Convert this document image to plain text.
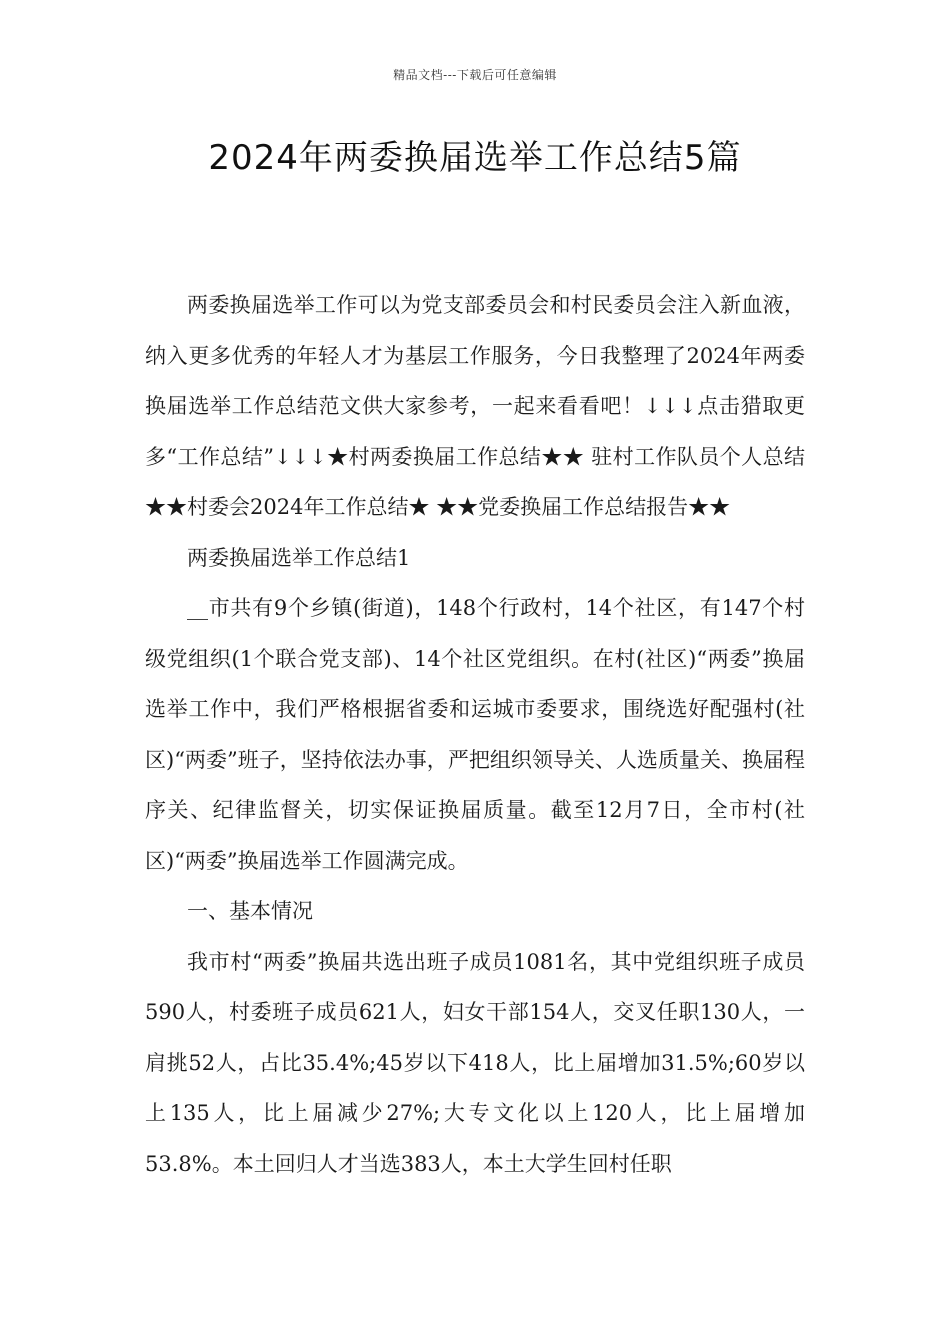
精品文档---下载后可任意编辑
2024年两委换届选举工作总结5篇

两委换届选举工作可以为党支部委员会和村民委员会注入新血液，纳入更多优秀的年轻人才为基层工作服务，今日我整理了2024年两委换届选举工作总结范文供大家参考，一起来看看吧！↓↓↓点击猎取更多“工作总结”↓↓↓★村两委换届工作总结★★ 驻村工作队员个人总结 ★★村委会2024年工作总结★ ★★党委换届工作总结报告★★

两委换届选举工作总结1

__市共有9个乡镇(街道)，148个行政村，14个社区，有147个村级党组织(1个联合党支部)、14个社区党组织。在村(社区)“两委”换届选举工作中，我们严格根据省委和运城市委要求，围绕选好配强村(社区)“两委”班子，坚持依法办事，严把组织领导关、人选质量关、换届程序关、纪律监督关，切实保证换届质量。截至12月7日，全市村(社区)“两委”换届选举工作圆满完成。

一、基本情况

我市村“两委”换届共选出班子成员1081名，其中党组织班子成员590人，村委班子成员621人，妇女干部154人，交叉任职130人，一肩挑52人，占比35.4%;45岁以下418人，比上届增加31.5%;60岁以上135人，比上届减少27%;大专文化以上120人，比上届增加53.8%。本土回归人才当选383人，本土大学生回村任职
